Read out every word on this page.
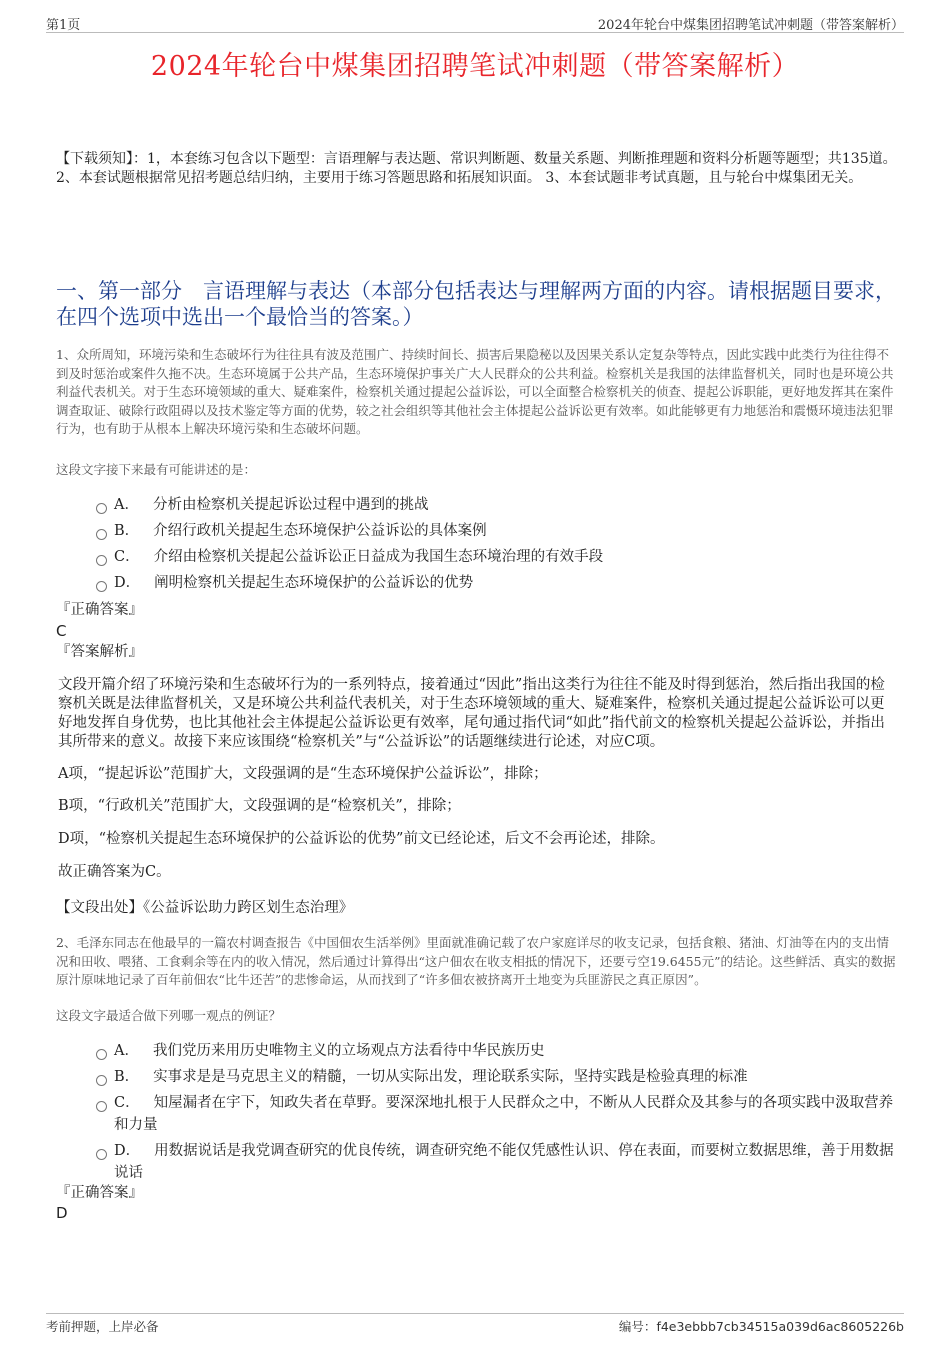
第1页	2024年轮台中煤集团招聘笔试冲刺题（带答案解析）
2024年轮台中煤集团招聘笔试冲刺题（带答案解析）
【下载须知】：1，本套练习包含以下题型：言语理解与表达题、常识判断题、数量关系题、判断推理题和资料分析题等题型；共135道。 2、本套试题根据常见招考题总结归纳，主要用于练习答题思路和拓展知识面。 3、本套试题非考试真题，且与轮台中煤集团无关。
一、第一部分　言语理解与表达（本部分包括表达与理解两方面的内容。请根据题目要求，在四个选项中选出一个最恰当的答案。）
1、众所周知，环境污染和生态破坏行为往往具有波及范围广、持续时间长、损害后果隐秘以及因果关系认定复杂等特点，因此实践中此类行为往往得不到及时惩治或案件久拖不决。生态环境属于公共产品，生态环境保护事关广大人民群众的公共利益。检察机关是我国的法律监督机关，同时也是环境公共利益代表机关。对于生态环境领域的重大、疑难案件，检察机关通过提起公益诉讼，可以全面整合检察机关的侦查、提起公诉职能，更好地发挥其在案件调查取证、破除行政阻碍以及技术鉴定等方面的优势，较之社会组织等其他社会主体提起公益诉讼更有效率。如此能够更有力地惩治和震慑环境违法犯罪行为，也有助于从根本上解决环境污染和生态破坏问题。
这段文字接下来最有可能讲述的是：
A． 分析由检察机关提起诉讼过程中遇到的挑战
B． 介绍行政机关提起生态环境保护公益诉讼的具体案例
C． 介绍由检察机关提起公益诉讼正日益成为我国生态环境治理的有效手段
D． 阐明检察机关提起生态环境保护的公益诉讼的优势
『正确答案』
C
『答案解析』
文段开篇介绍了环境污染和生态破坏行为的一系列特点，接着通过“因此”指出这类行为往往不能及时得到惩治，然后指出我国的检察机关既是法律监督机关，又是环境公共利益代表机关，对于生态环境领域的重大、疑难案件，检察机关通过提起公益诉讼可以更好地发挥自身优势，也比其他社会主体提起公益诉讼更有效率，尾句通过指代词“如此”指代前文的检察机关提起公益诉讼，并指出其所带来的意义。故接下来应该围绕“检察机关”与“公益诉讼”的话题继续进行论述，对应C项。
A项，“提起诉讼”范围扩大，文段强调的是“生态环境保护公益诉讼”，排除；
B项，“行政机关”范围扩大，文段强调的是“检察机关”，排除；
D项，“检察机关提起生态环境保护的公益诉讼的优势”前文已经论述，后文不会再论述，排除。
故正确答案为C。
【文段出处】《公益诉讼助力跨区划生态治理》
2、毛泽东同志在他最早的一篇农村调查报告《中国佃农生活举例》里面就准确记载了农户家庭详尽的收支记录，包括食粮、猪油、灯油等在内的支出情况和田收、喂猪、工食剩余等在内的收入情况，然后通过计算得出“这户佃农在收支相抵的情况下，还要亏空19.6455元”的结论。这些鲜活、真实的数据原汁原味地记录了百年前佃农“比牛还苦”的悲惨命运，从而找到了“许多佃农被挤离开土地变为兵匪游民之真正原因”。
这段文字最适合做下列哪一观点的例证？
A． 我们党历来用历史唯物主义的立场观点方法看待中华民族历史
B． 实事求是是马克思主义的精髓，一切从实际出发，理论联系实际，坚持实践是检验真理的标准
C． 知屋漏者在宇下，知政失者在草野。要深深地扎根于人民群众之中，不断从人民群众及其参与的各项实践中汲取营养和力量
D． 用数据说话是我党调查研究的优良传统，调查研究绝不能仅凭感性认识、停在表面，而要树立数据思维，善于用数据说话
『正确答案』
D
考前押题，上岸必备	编号：f4e3ebbb7cb34515a039d6ac8605226b
